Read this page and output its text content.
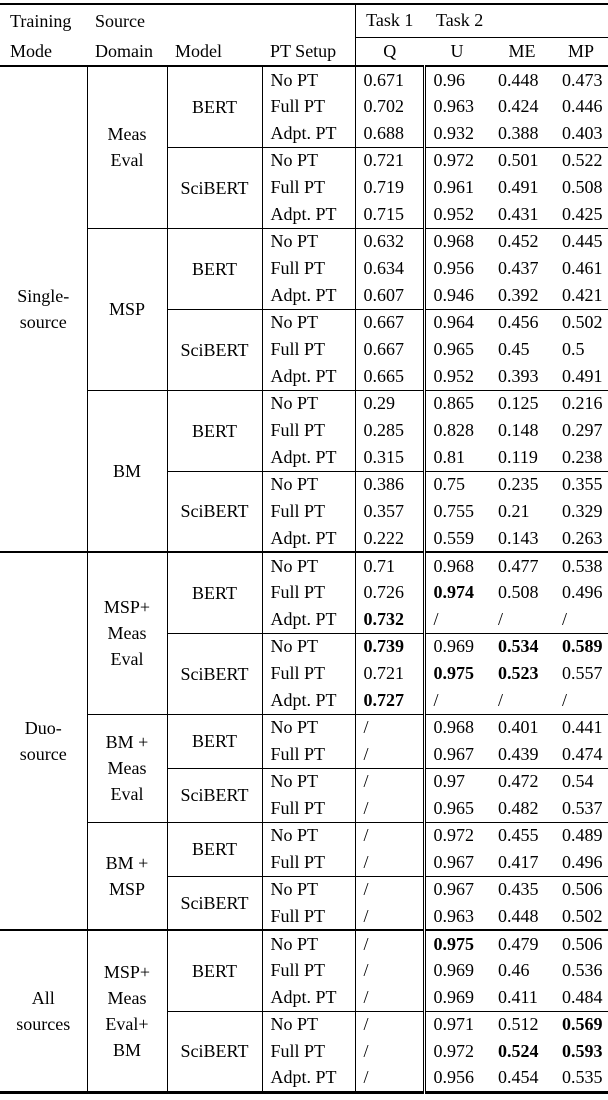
Training	Source			Task 1	Task 2		
Mode	Domain	Model	PT Setup	Q	U	ME	MP

Single-
source

Meas
Eval
	BERT	No PT	0.671	0.96	0.448	0.473
			Full PT	0.702	0.963	0.424	0.446
			Adpt. PT	0.688	0.932	0.388	0.403
		SciBERT	No PT	0.721	0.972	0.501	0.522
			Full PT	0.719	0.961	0.491	0.508
			Adpt. PT	0.715	0.952	0.431	0.425

	MSP	BERT	No PT	0.632	0.968	0.452	0.445
			Full PT	0.634	0.956	0.437	0.461
			Adpt. PT	0.607	0.946	0.392	0.421
		SciBERT	No PT	0.667	0.964	0.456	0.502
			Full PT	0.667	0.965	0.45	0.5
			Adpt. PT	0.665	0.952	0.393	0.491

	BM	BERT	No PT	0.29	0.865	0.125	0.216
			Full PT	0.285	0.828	0.148	0.297
			Adpt. PT	0.315	0.81	0.119	0.238
		SciBERT	No PT	0.386	0.75	0.235	0.355
			Full PT	0.357	0.755	0.21	0.329
			Adpt. PT	0.222	0.559	0.143	0.263

Duo-
source

MSP+
Meas
Eval
	BERT	No PT	0.71	0.968	0.477	0.538
			Full PT	0.726	0.974	0.508	0.496
			Adpt. PT	0.732	/	/	/
		SciBERT	No PT	0.739	0.969	0.534	0.589
			Full PT	0.721	0.975	0.523	0.557
			Adpt. PT	0.727	/	/	/

	BM +
Meas
Eval	BERT	No PT	/	0.968	0.401	0.441
			Full PT	/	0.967	0.439	0.474
		SciBERT	No PT	/	0.97	0.472	0.54
			Full PT	/	0.965	0.482	0.537

	BM +
MSP	BERT	No PT	/	0.972	0.455	0.489
			Full PT	/	0.967	0.417	0.496
		SciBERT	No PT	/	0.967	0.435	0.506
			Full PT	/	0.963	0.448	0.502

All
sources

MSP+
Meas
Eval+
BM
	BERT	No PT	/	0.975	0.479	0.506
			Full PT	/	0.969	0.46	0.536
			Adpt. PT	/	0.969	0.411	0.484
		SciBERT	No PT	/	0.971	0.512	0.569
			Full PT	/	0.972	0.524	0.593
			Adpt. PT	/	0.956	0.454	0.535
